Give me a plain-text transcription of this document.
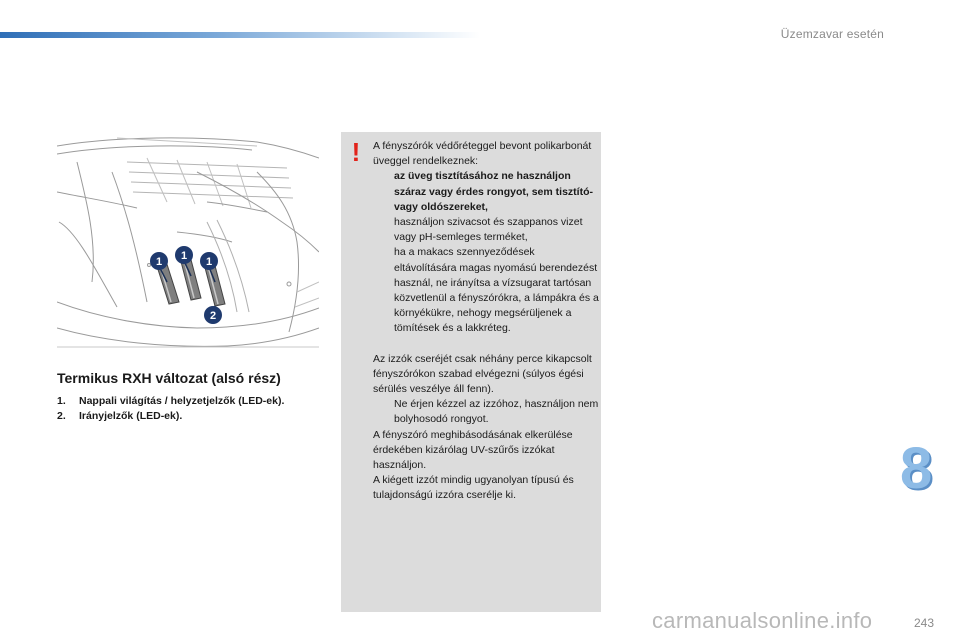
Üzemzavar esetén
1 1 1
2
Termikus RXH változat (alsó rész)
1.	Nappali világítás / helyzetjelzők (LED-ek).
2.	Irányjelzők (LED-ek).
! A fényszórók védőréteggel bevont polikarbonát üveggel rendelkeznek:

az üveg tisztításához ne használjon száraz vagy érdes rongyot, sem tisztító- vagy oldószereket,
használjon szivacsot és szappanos vizet vagy pH-semleges terméket,
ha a makacs szennyeződések eltávolítására magas nyomású berendezést használ, ne irányítsa a vízsugarat tartósan közvetlenül a fényszórókra, a lámpákra és a környékükre, nehogy megsérüljenek a tömítések és a lakkréteg.

Az izzók cseréjét csak néhány perce kikapcsolt fényszórókon szabad elvégezni (súlyos égési sérülés veszélye áll fenn).

Ne érjen kézzel az izzóhoz, használjon nem bolyhosodó rongyot.

A fényszóró meghibásodásának elkerülése érdekében kizárólag UV-szűrős izzókat használjon.

A kiégett izzót mindig ugyanolyan típusú és tulajdonságú izzóra cserélje ki.	8
carmanualsonline.info	243
